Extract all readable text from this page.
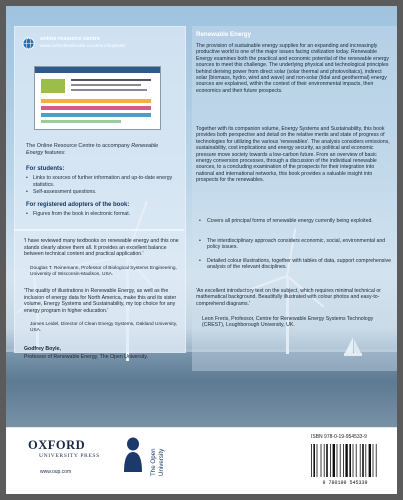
online resource centre
www.oxfordtextbooks.co.uk/orc/boyle3e/
The Online Resource Centre to accompany Renewable Energy features:
For students:
• Links to sources of further information and up-to-date energy statistics.
• Self-assessment questions.
For registered adopters of the book:
• Figures from the book in electronic format.
'I have reviewed many textbooks on renewable energy and this one stands clearly above them all. It provides an excellent balance between technical content and practical application.'
Douglas T. Reinemann, Professor of Biological Systems Engineering, University of Wisconsin-Madison, USA.
'The quality of illustrations in Renewable Energy, as well as the inclusion of energy data for North America, make this and its sister volume, Energy Systems and Sustainability, my top choice for any energy program in higher education.'
James Leidel, Director of Clean Energy Systems, Oakland University, USA.
Godfrey Boyle,
Professor of Renewable Energy, The Open University.
Renewable Energy
The provision of sustainable energy supplies for an expanding and increasingly productive world is one of the major issues facing civilization today. Renewable Energy examines both the practical and economic potential of the renewable energy sources to meet this challenge. The underlying physical and technological principles behind deriving power from direct solar (solar thermal and photovoltaics), indirect solar (biomass, hydro, wind and wave) and non-solar (tidal and geothermal) energy sources are explained, within the context of their environmental impacts, their economics and their future prospects.
Together with its companion volume, Energy Systems and Sustainability, this book provides both perspective and detail on the relative merits and state of progress of technologies for utilizing the various 'renewables'. The analysis considers emissions, sustainability, cost implications and energy security, as political and economic pressure move society towards a low-carbon future. From an overview of basic energy conversion processes, through a discussion of the individual renewable sources, to a concluding examination of the prospects for their integration into national and international networks, this book provides a valuable insight into prospects for the renewables.
• Covers all principal forms of renewable energy currently being exploited.
• The interdisciplinary approach considers economic, social, environmental and policy issues.
• Detailed colour illustrations, together with tables of data, support comprehensive analysis of the relevant disciplines.
'An excellent introductory text on the subject, which requires minimal technical or mathematical background. Beautifully illustrated with colour photos and easy-to-comprehend diagrams.'
Leon Freris, Professor, Centre for Renewable Energy Systems Technology (CREST), Loughborough University, UK.
OXFORD
UNIVERSITY PRESS
www.oup.com	The Open University
ISBN 978-0-19-954533-9
9 780199 545339
